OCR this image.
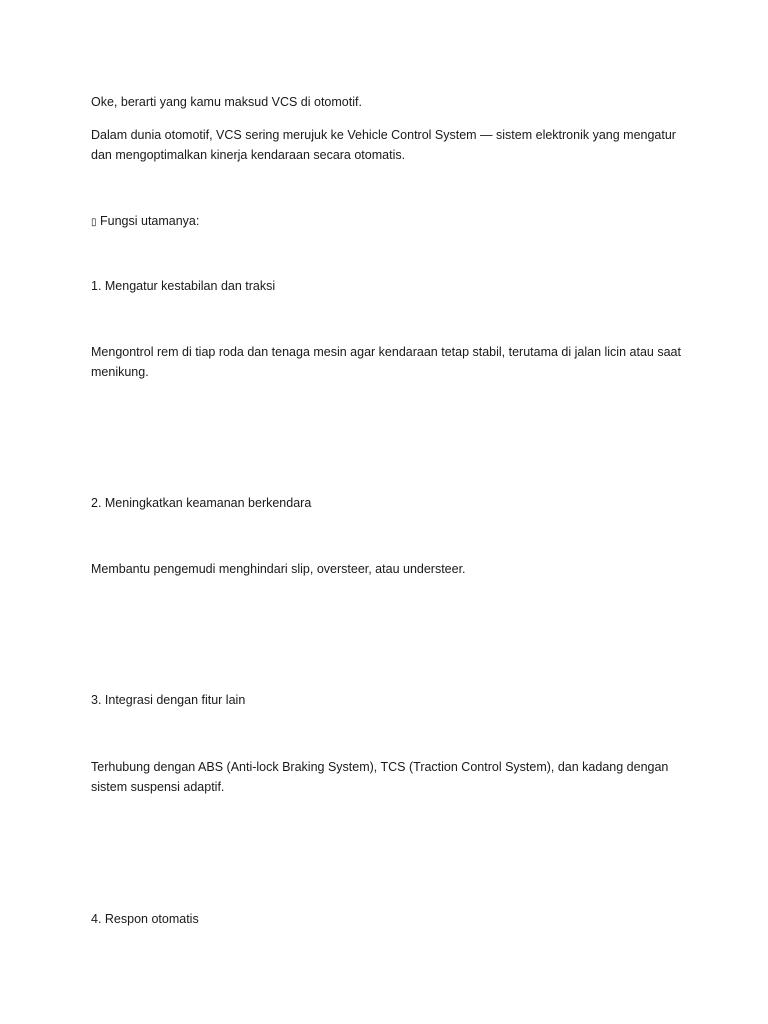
Oke, berarti yang kamu maksud VCS di otomotif.

Dalam dunia otomotif, VCS sering merujuk ke Vehicle Control System — sistem elektronik yang mengatur dan mengoptimalkan kinerja kendaraan secara otomatis.

▯ Fungsi utamanya:

1. Mengatur kestabilan dan traksi

Mengontrol rem di tiap roda dan tenaga mesin agar kendaraan tetap stabil, terutama di jalan licin atau saat menikung.

2. Meningkatkan keamanan berkendara

Membantu pengemudi menghindari slip, oversteer, atau understeer.

3. Integrasi dengan fitur lain

Terhubung dengan ABS (Anti-lock Braking System), TCS (Traction Control System), dan kadang dengan sistem suspensi adaptif.

4. Respon otomatis
